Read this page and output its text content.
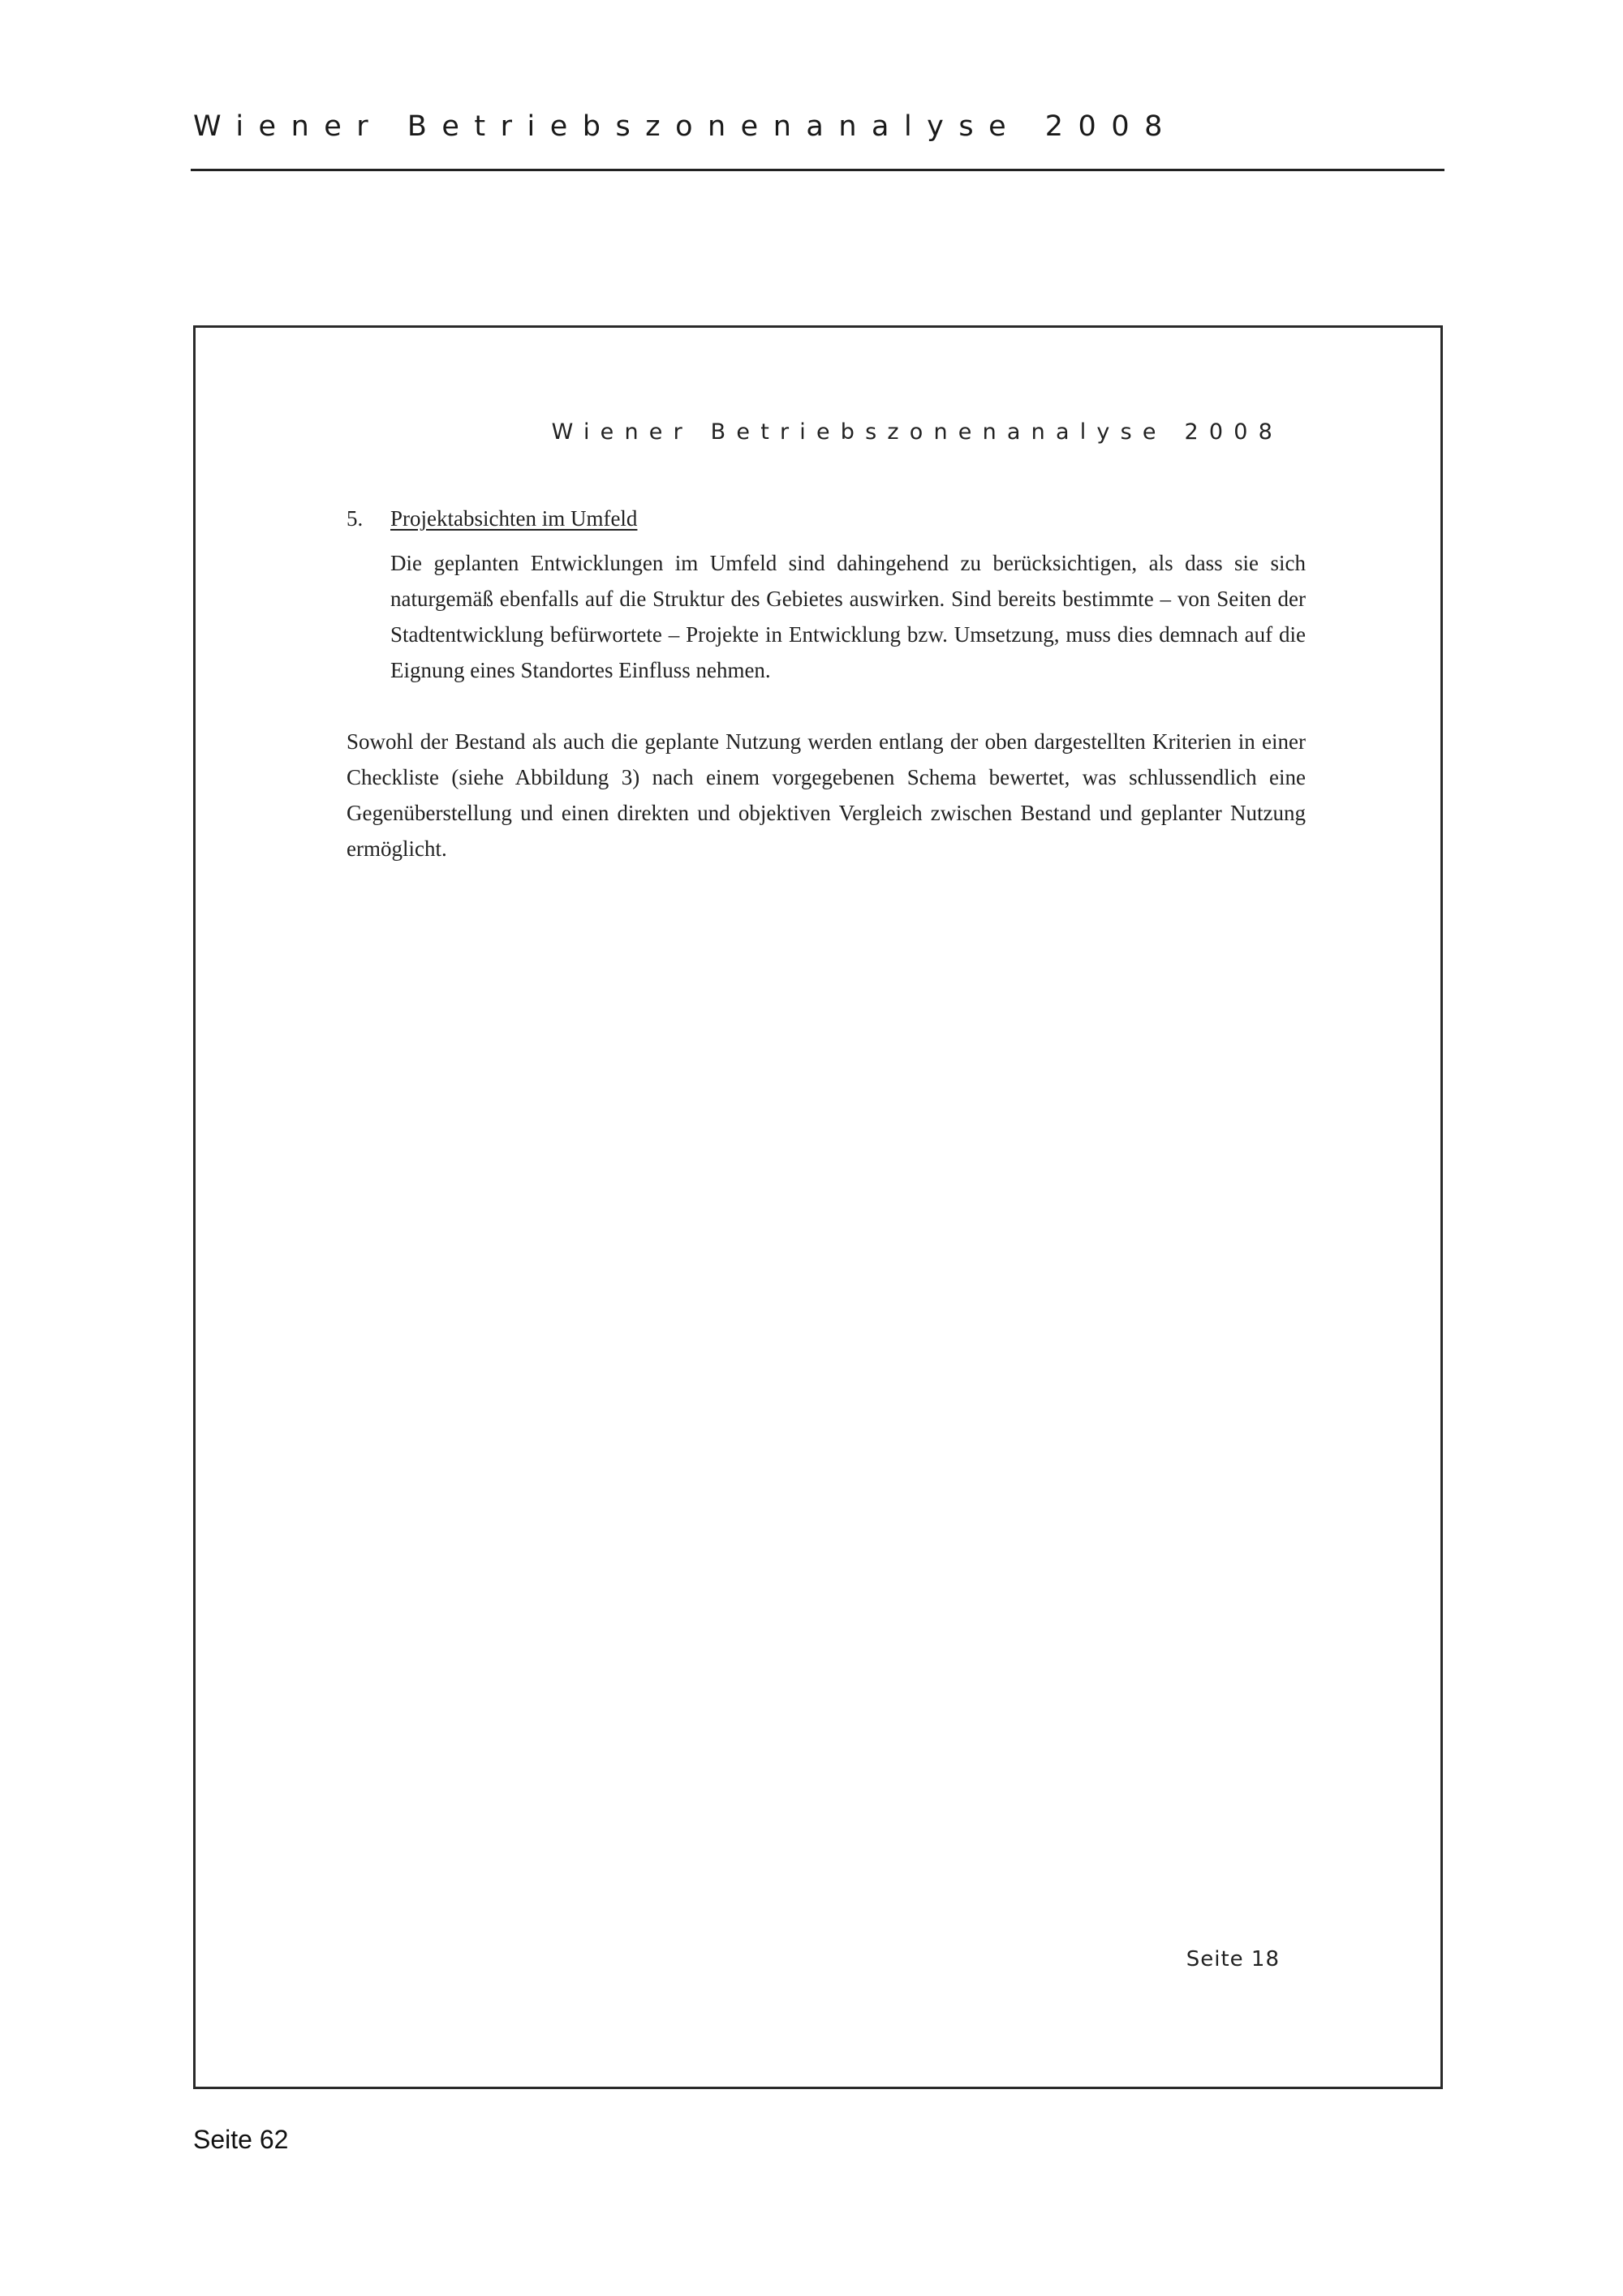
Wiener Betriebszonenanalyse 2008
Wiener Betriebszonenanalyse 2008
5. Projektabsichten im Umfeld
Die geplanten Entwicklungen im Umfeld sind dahingehend zu berücksichtigen, als dass sie sich naturgemäß ebenfalls auf die Struktur des Gebietes auswirken. Sind bereits bestimmte – von Seiten der Stadtentwicklung befürwortete – Projekte in Entwicklung bzw. Umsetzung, muss dies demnach auf die Eignung eines Standortes Einfluss nehmen.
Sowohl der Bestand als auch die geplante Nutzung werden entlang der oben dargestellten Kriterien in einer Checkliste (siehe Abbildung 3) nach einem vorgegebenen Schema bewertet, was schlussendlich eine Gegenüberstellung und einen direkten und objektiven Vergleich zwischen Bestand und geplanter Nutzung ermöglicht.
Seite 18
Seite 62
